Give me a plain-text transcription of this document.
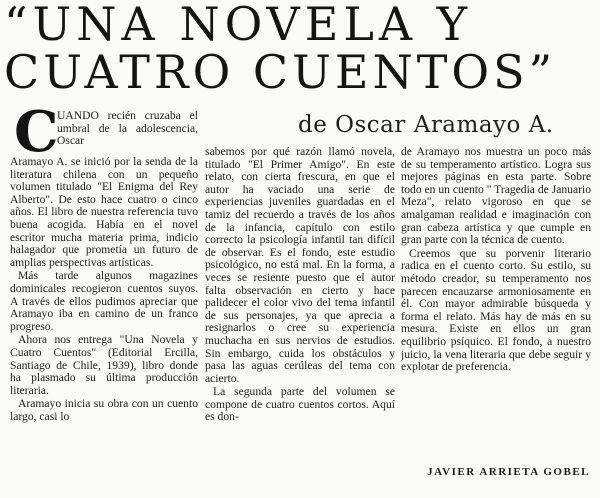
“UNA NOVELA Y
CUATRO CUENTOS”
de Oscar Aramayo A.
C

UANDO recién cruzaba el umbral de la adolescencia, Oscar

Aramayo A. se inició por la senda de la literatura chilena con un pequeño volumen titulado "El Enigma del Rey Alberto". De esto hace cuatro o cinco años. El libro de nuestra referencia tuvo buena acogida. Había en el novel escritor mucha materia prima, indicio halagador que prometía un futuro de amplias perspectivas artísticas.

Más tarde algunos magazines dominicales recogieron cuentos suyos. A través de ellos pudimos apreciar que Aramayo iba en camino de un franco progreso.

Ahora nos entrega "Una Novela y Cuatro Cuentos" (Editorial Ercilla, Santiago de Chile, 1939), libro donde ha plasmado su última producción literaria.

Aramayo inicia su obra con un cuento largo, casi lo

sabemos por qué razón llamó novela, titulado "El Primer Amigo". En este relato, con cierta frescura, en que el autor ha vaciado una serie de experiencias juveniles guardadas en el tamiz del recuerdo a través de los años de la infancia, capítulo con estilo correcto la psicología infantil tan difícil de observar. Es el fondo, este estudio psicológico, no está mal. En la forma, a veces se resiente puesto que el autor falta observación en cierto y hace palidecer el color vivo del tema infantil de sus personajes, ya que aprecia a resignarlos o cree su experiencia muchacha en sus nervios de estudios. Sin embargo, cuida los obstáculos y pasa las aguas cerúleas del tema con acierto.

La segunda parte del volumen se compone de cuatro cuentos cortos. Aquí es don-

de Aramayo nos muestra un poco más de su temperamento artístico. Logra sus mejores páginas en esta parte. Sobre todo en un cuento " Tragedia de Januario Meza", relato vigoroso en que se amalgaman realidad e imaginación con gran cabeza artística y que cumple en gran parte con la técnica de cuento.

Creemos que su porvenir literario radica en el cuento corto. Su estilo, su método creador, su temperamento nos parecen encauzarse armoniosamente en él. Con mayor admirable búsqueda y forma el relato. Más hay de más en su mesura. Existe en ellos un gran equilibrio psíquico. El fondo, a nuestro juicio, la vena literaria que debe seguir y explotar de preferencia.

JAVIER ARRIETA GOBEL
